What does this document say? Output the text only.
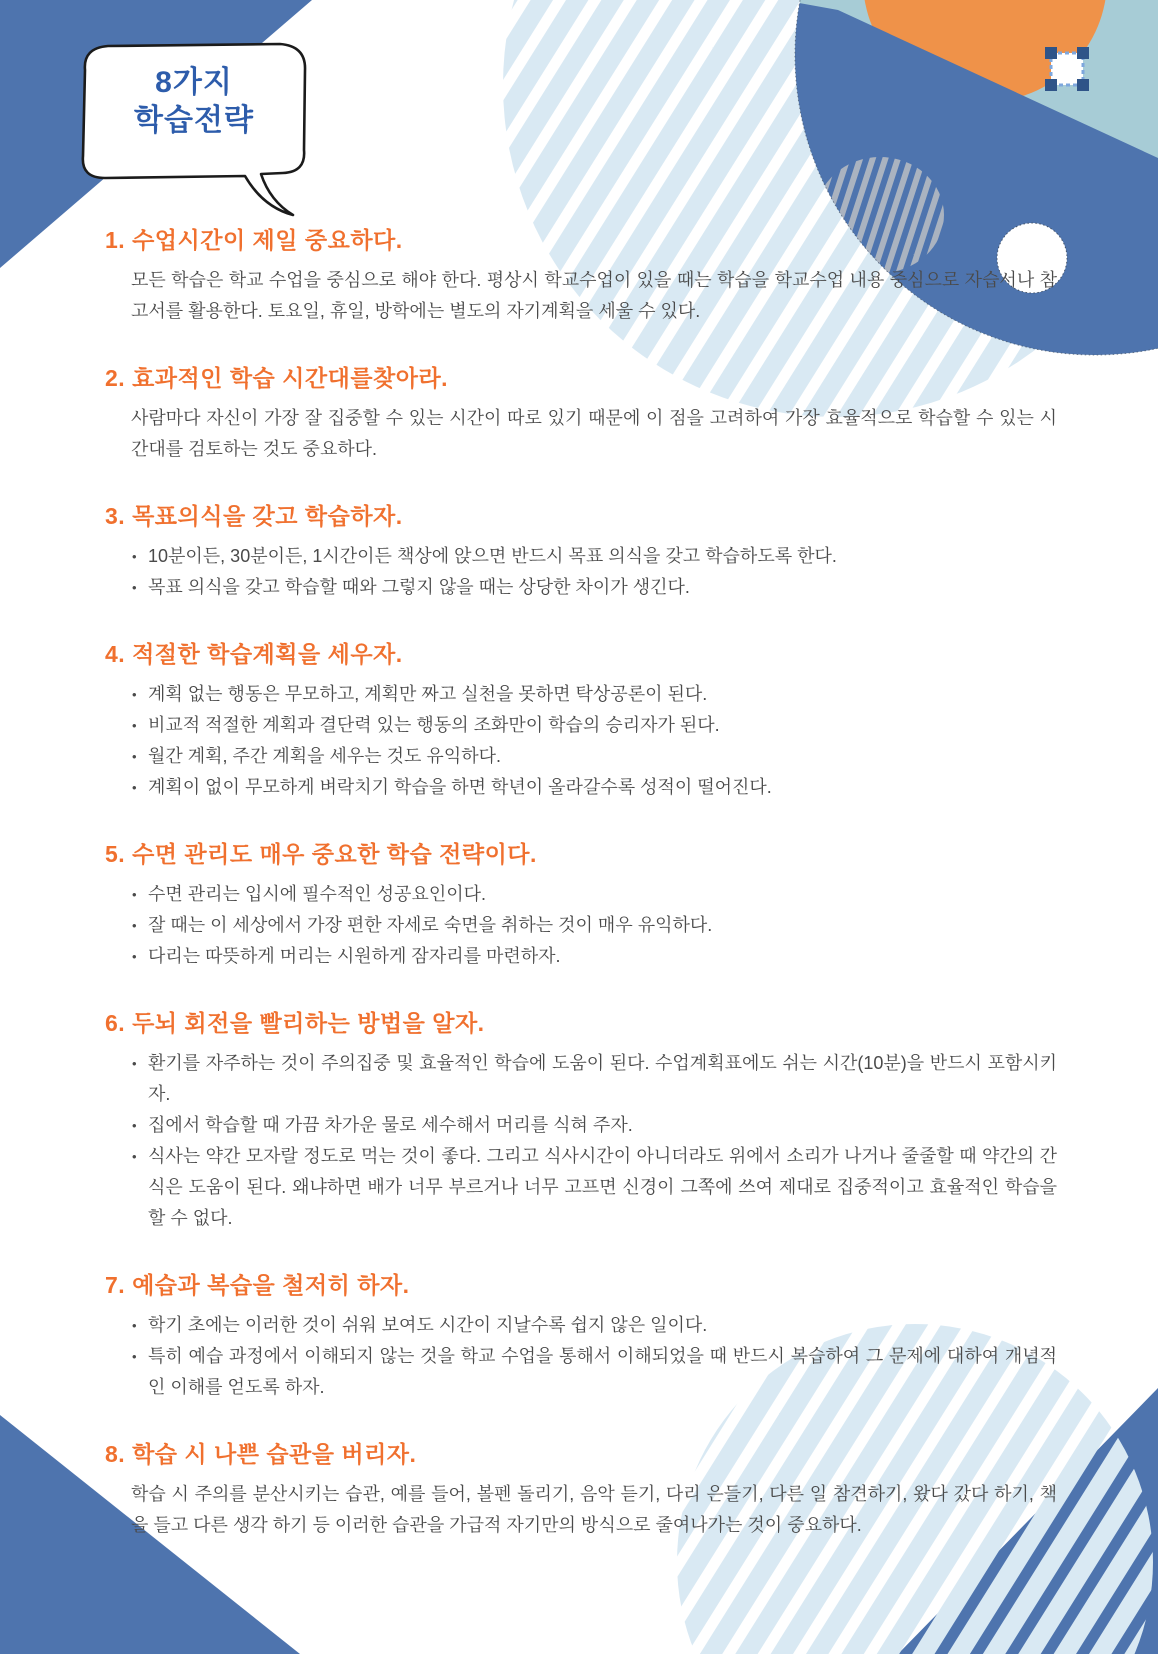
8가지
학습전략
1. 수업시간이 제일 중요하다.

모든 학습은 학교 수업을 중심으로 해야 한다. 평상시 학교수업이 있을 때는 학습을 학교수업 내용 중심으로 자습서나 참고서를 활용한다. 토요일, 휴일, 방학에는 별도의 자기계획을 세울 수 있다.

2. 효과적인 학습 시간대를찾아라.

사람마다 자신이 가장 잘 집중할 수 있는 시간이 따로 있기 때문에 이 점을 고려하여 가장 효율적으로 학습할 수 있는 시간대를 검토하는 것도 중요하다.

3. 목표의식을 갖고 학습하자.
• 10분이든, 30분이든, 1시간이든 책상에 앉으면 반드시 목표 의식을 갖고 학습하도록 한다.
• 목표 의식을 갖고 학습할 때와 그렇지 않을 때는 상당한 차이가 생긴다.
4. 적절한 학습계획을 세우자.
• 계획 없는 행동은 무모하고, 계획만 짜고 실천을 못하면 탁상공론이 된다.
• 비교적 적절한 계획과 결단력 있는 행동의 조화만이 학습의 승리자가 된다.
• 월간 계획, 주간 계획을 세우는 것도 유익하다.
• 계획이 없이 무모하게 벼락치기 학습을 하면 학년이 올라갈수록 성적이 떨어진다.
5. 수면 관리도 매우 중요한 학습 전략이다.
• 수면 관리는 입시에 필수적인 성공요인이다.
• 잘 때는 이 세상에서 가장 편한 자세로 숙면을 취하는 것이 매우 유익하다.
• 다리는 따뜻하게 머리는 시원하게 잠자리를 마련하자.
6. 두뇌 회전을 빨리하는 방법을 알자.
• 환기를 자주하는 것이 주의집중 및 효율적인 학습에 도움이 된다. 수업계획표에도 쉬는 시간(10분)을 반드시 포함시키자.
• 집에서 학습할 때 가끔 차가운 물로 세수해서 머리를 식혀 주자.
• 식사는 약간 모자랄 정도로 먹는 것이 좋다. 그리고 식사시간이 아니더라도 위에서 소리가 나거나 줄줄할 때 약간의 간식은 도움이 된다. 왜냐하면 배가 너무 부르거나 너무 고프면 신경이 그쪽에 쓰여 제대로 집중적이고 효율적인 학습을 할 수 없다.
7. 예습과 복습을 철저히 하자.
• 학기 초에는 이러한 것이 쉬워 보여도 시간이 지날수록 쉽지 않은 일이다.
• 특히 예습 과정에서 이해되지 않는 것을 학교 수업을 통해서 이해되었을 때 반드시 복습하여 그 문제에 대하여 개념적인 이해를 얻도록 하자.
8. 학습 시 나쁜 습관을 버리자.

학습 시 주의를 분산시키는 습관, 예를 들어, 볼펜 돌리기, 음악 듣기, 다리 은들기, 다른 일 참견하기, 왔다 갔다 하기, 책을 들고 다른 생각 하기 등 이러한 습관을 가급적 자기만의 방식으로 줄여나가는 것이 중요하다.
